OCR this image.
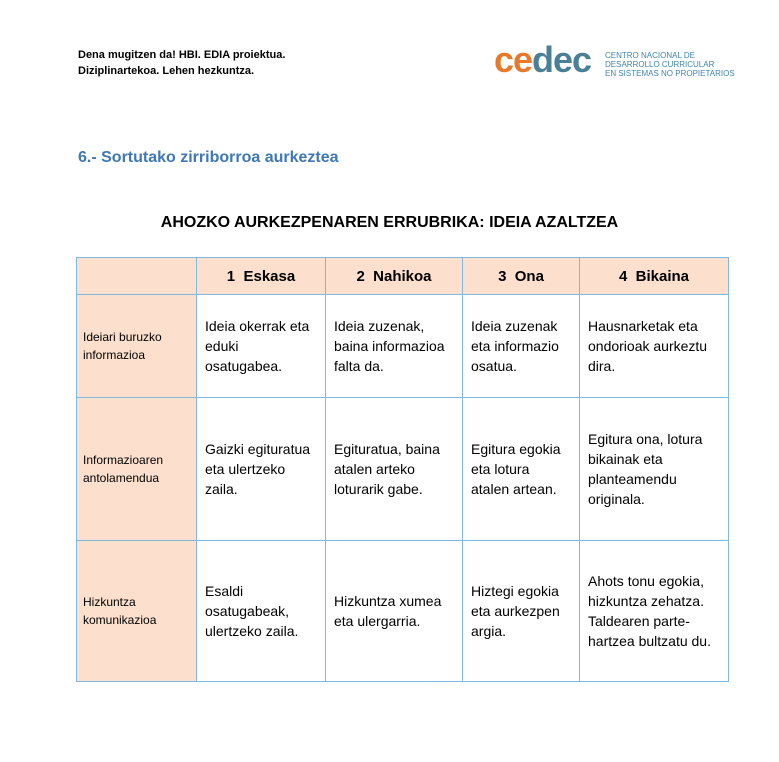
Dena mugitzen da! HBI. EDIA proiektua.
Diziplinartekoa. Lehen hezkuntza.	cedec CENTRO NACIONAL DE
DESARROLLO CURRICULAR
EN SISTEMAS NO PROPIETARIOS
6.- Sortutako zirriborroa aurkeztea
AHOZKO AURKEZPENAREN ERRUBRIKA: IDEIA AZALTZEA
	1  Eskasa	2  Nahikoa	3  Ona	4  Bikaina
Ideiari buruzko informazioa	Ideia okerrak eta eduki osatugabea.	Ideia zuzenak, baina informazioa falta da.	Ideia zuzenak eta informazio osatua.	Hausnarketak eta ondorioak aurkeztu dira.
Informazioaren antolamendua	Gaizki egituratua eta ulertzeko zaila.	Egituratua, baina atalen arteko loturarik gabe.	Egitura egokia eta lotura atalen artean.	Egitura ona, lotura bikainak eta planteamendu originala.
Hizkuntza komunikazioa	Esaldi osatugabeak, ulertzeko zaila.	Hizkuntza xumea eta ulergarria.	Hiztegi egokia eta aurkezpen argia.	Ahots tonu egokia, hizkuntza zehatza. Taldearen parte-hartzea bultzatu du.
